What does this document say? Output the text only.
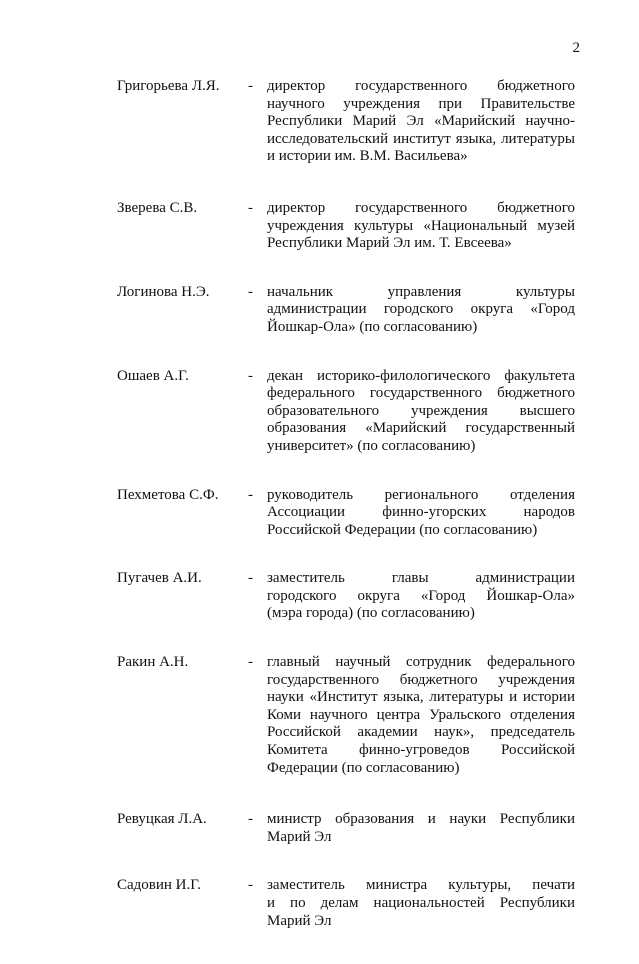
2
Григорьева Л.Я.	- директор государственного бюджетного
научного учреждения при Правительстве
Республики Марий Эл «Марийский научно-
исследовательский институт языка, литературы
и истории им. В.М. Васильева»
Зверева С.В.	- директор государственного бюджетного
учреждения культуры «Национальный музей
Республики Марий Эл им. Т. Евсеева»
Логинова Н.Э.	- начальник управления культуры
администрации городского округа «Город
Йошкар-Ола» (по согласованию)
Ошаев А.Г.	- декан историко-филологического факультета
федерального государственного бюджетного
образовательного учреждения высшего
образования «Марийский государственный
университет» (по согласованию)
Пехметова С.Ф.	- руководитель регионального отделения
Ассоциации финно-угорских народов
Российской Федерации (по согласованию)
Пугачев А.И.	- заместитель главы администрации
городского округа «Город Йошкар-Ола»
(мэра города) (по согласованию)
Ракин А.Н.	- главный научный сотрудник федерального
государственного бюджетного учреждения
науки «Институт языка, литературы и истории
Коми научного центра Уральского отделения
Российской академии наук», председатель
Комитета финно-угроведов Российской
Федерации (по согласованию)
Ревуцкая Л.А.	- министр образования и науки Республики
Марий Эл
Садовин И.Г.	- заместитель министра культуры, печати
и по делам национальностей Республики
Марий Эл
